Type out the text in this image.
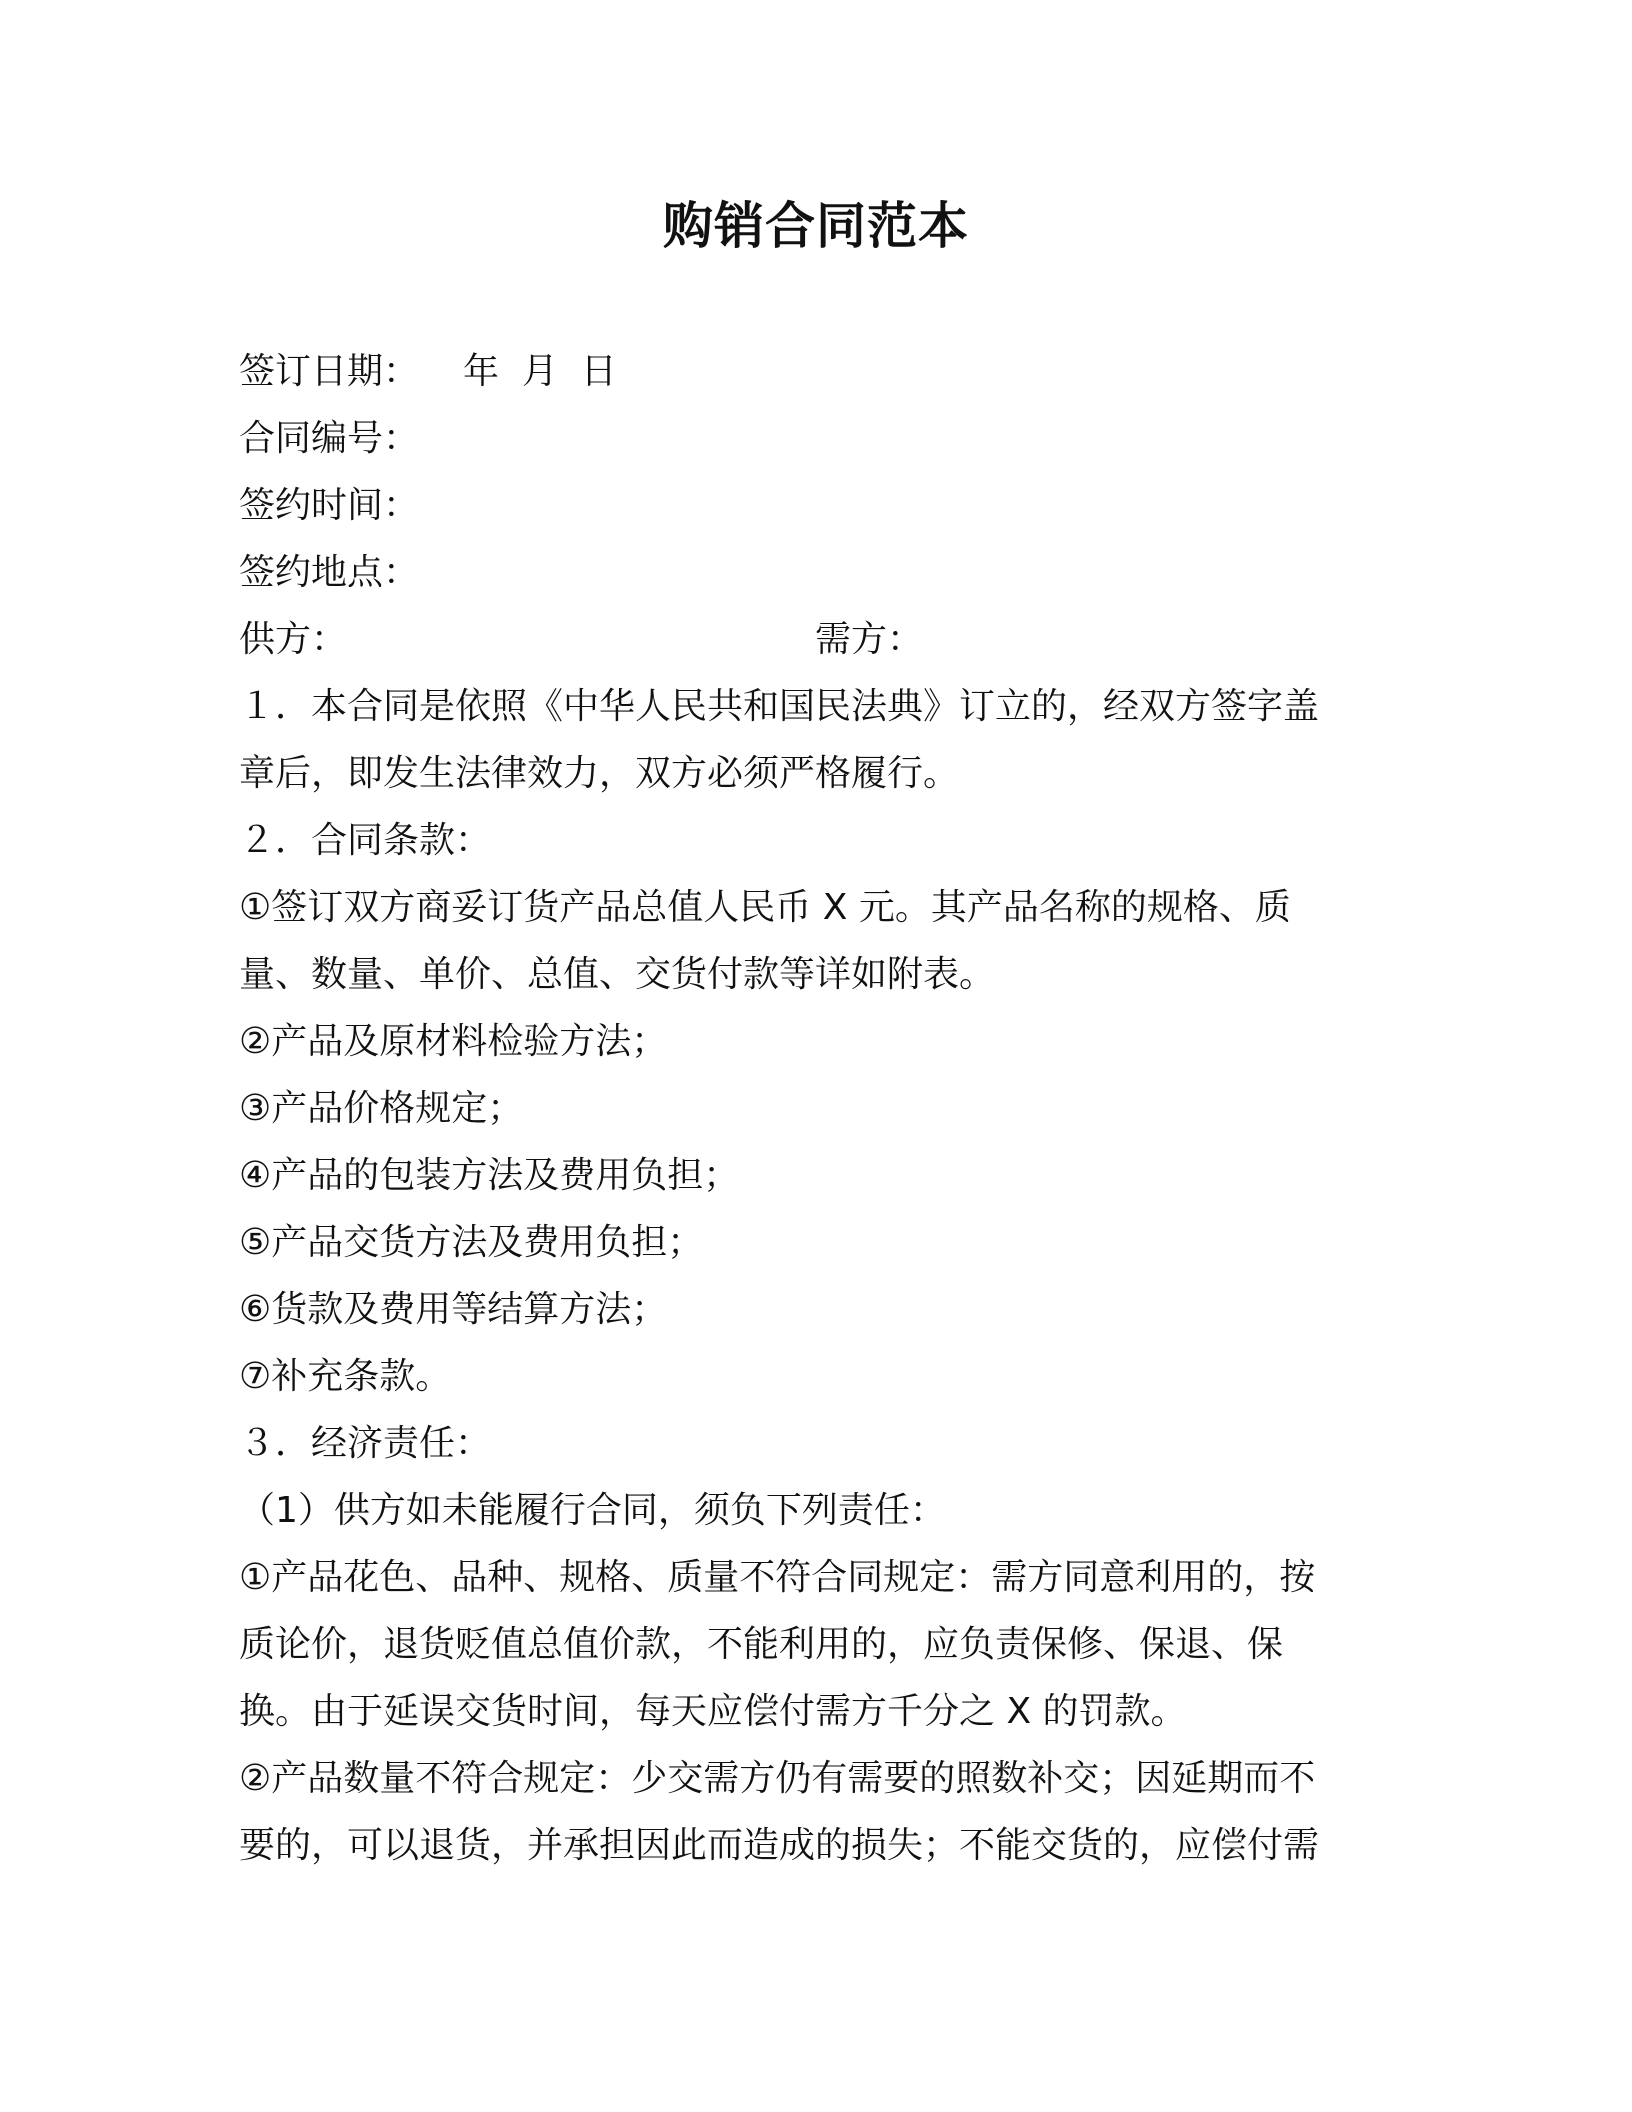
购销合同范本
签订日期： 年  月  日
合同编号：
签约时间：
签约地点：
供方：	需方：
１．本合同是依照《中华人民共和国民法典》订立的，经双方签字盖
章后，即发生法律效力，双方必须严格履行。
２．合同条款：
①签订双方商妥订货产品总值人民币 X 元。其产品名称的规格、质
量、数量、单价、总值、交货付款等详如附表。
②产品及原材料检验方法；
③产品价格规定；
④产品的包装方法及费用负担；
⑤产品交货方法及费用负担；
⑥货款及费用等结算方法；
⑦补充条款。
３．经济责任：
（1）供方如未能履行合同，须负下列责任：
①产品花色、品种、规格、质量不符合同规定：需方同意利用的，按
质论价，退货贬值总值价款，不能利用的，应负责保修、保退、保
换。由于延误交货时间，每天应偿付需方千分之 X 的罚款。
②产品数量不符合规定：少交需方仍有需要的照数补交；因延期而不
要的，可以退货，并承担因此而造成的损失；不能交货的，应偿付需
